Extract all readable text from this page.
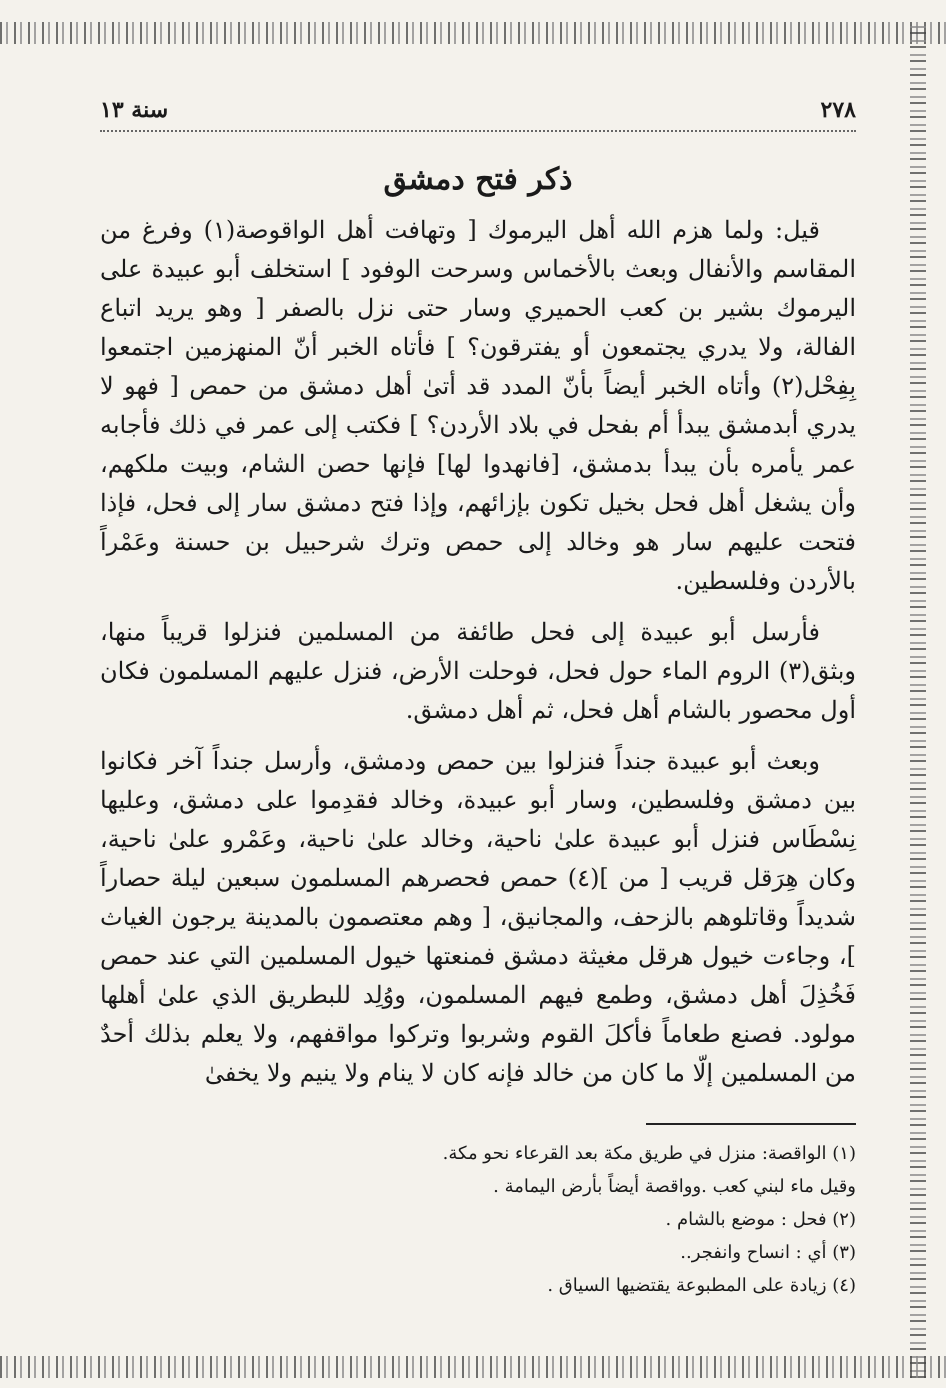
٢٧٨
سنة ١٣
ذكر فتح دمشق

قيل: ولما هزم الله أهل اليرموك [ وتهافت أهل الواقوصة(١) وفرغ من المقاسم والأنفال وبعث بالأخماس وسرحت الوفود ] استخلف أبو عبيدة على اليرموك بشير بن كعب الحميري وسار حتى نزل بالصفر [ وهو يريد اتباع الفالة، ولا يدري يجتمعون أو يفترقون؟ ] فأتاه الخبر أنّ المنهزمين اجتمعوا بِفِحْل(٢) وأتاه الخبر أيضاً بأنّ المدد قد أتىٰ أهل دمشق من حمص [ فهو لا يدري أبدمشق يبدأ أم بفحل في بلاد الأردن؟ ] فكتب إلى عمر في ذلك فأجابه عمر يأمره بأن يبدأ بدمشق، [فانهدوا لها] فإنها حصن الشام، وبيت ملكهم، وأن يشغل أهل فحل بخيل تكون بإزائهم، وإذا فتح دمشق سار إلى فحل، فإذا فتحت عليهم سار هو وخالد إلى حمص وترك شرحبيل بن حسنة وعَمْراً بالأردن وفلسطين.

فأرسل أبو عبيدة إلى فحل طائفة من المسلمين فنزلوا قريباً منها، وبثق(٣) الروم الماء حول فحل، فوحلت الأرض، فنزل عليهم المسلمون فكان أول محصور بالشام أهل فحل، ثم أهل دمشق.

وبعث أبو عبيدة جنداً فنزلوا بين حمص ودمشق، وأرسل جنداً آخر فكانوا بين دمشق وفلسطين، وسار أبو عبيدة، وخالد فقدِموا على دمشق، وعليها نِسْطَاس فنزل أبو عبيدة علىٰ ناحية، وخالد علىٰ ناحية، وعَمْرو علىٰ ناحية، وكان هِرَقل قريب [ من ](٤) حمص فحصرهم المسلمون سبعين ليلة حصاراً شديداً وقاتلوهم بالزحف، والمجانيق، [ وهم معتصمون بالمدينة يرجون الغياث ]، وجاءت خيول هرقل مغيثة دمشق فمنعتها خيول المسلمين التي عند حمص فَخُذِلَ أهل دمشق، وطمع فيهم المسلمون، ووُلِد للبطريق الذي علىٰ أهلها مولود. فصنع طعاماً فأكلَ القوم وشربوا وتركوا مواقفهم، ولا يعلم بذلك أحدٌ من المسلمين إلّا ما كان من خالد فإنه كان لا ينام ولا ينيم ولا يخفىٰ

(١) الواقصة: منزل في طريق مكة بعد القرعاء نحو مكة.

وقيل ماء لبني كعب .وواقصة أيضاً بأرض اليمامة .

(٢) فحل : موضع بالشام .

(٣) أي : انساح وانفجر..

(٤) زيادة على المطبوعة يقتضيها السياق .
